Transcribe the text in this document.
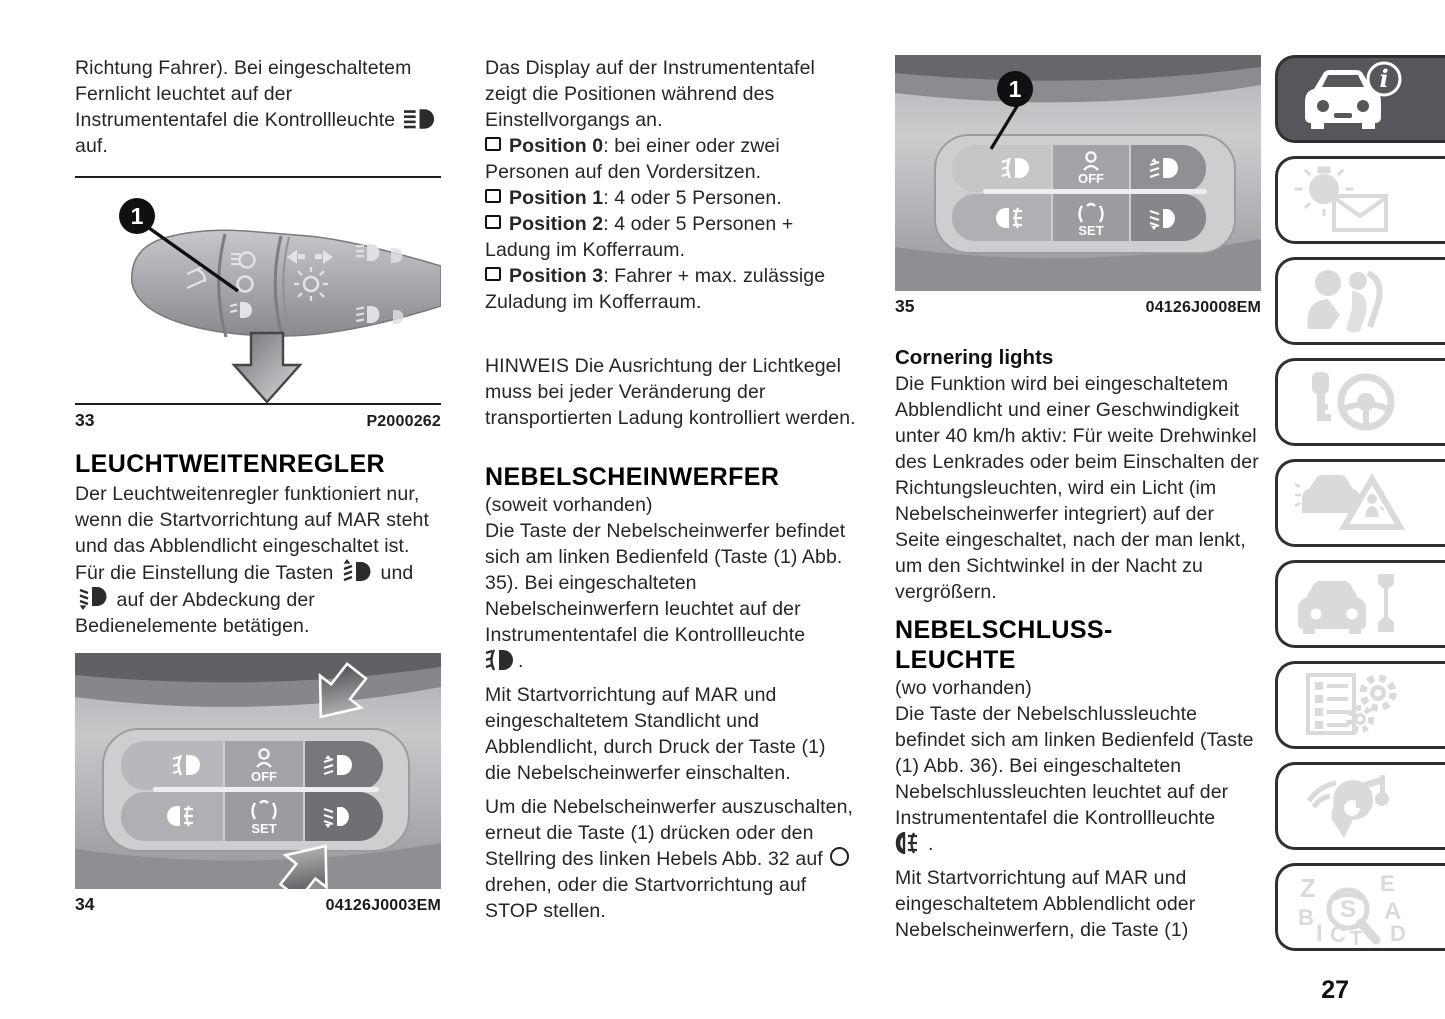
Richtung Fahrer). Bei eingeschaltetem Fernlicht leuchtet auf der Instrumententafel die Kontrollleuchte  auf.

1
33	P2000262
LEUCHTWEITENREGLER

Der Leuchtweitenregler funktioniert nur, wenn die Startvorrichtung auf MAR steht und das Abblendlicht eingeschaltet ist. Für die Einstellung die Tasten und  auf der Abdeckung der Bedienelemente betätigen.

OFF
SET
34	04126J0003EM

Das Display auf der Instrumententafel zeigt die Positionen während des Einstellvorgangs an.

Position 0: bei einer oder zwei Personen auf den Vordersitzen.

Position 1: 4 oder 5 Personen.

Position 2: 4 oder 5 Personen + Ladung im Kofferraum.

Position 3: Fahrer + max. zulässige Zuladung im Kofferraum.

HINWEIS Die Ausrichtung der Lichtkegel muss bei jeder Veränderung der transportierten Ladung kontrolliert werden.

NEBELSCHEINWERFER

(soweit vorhanden)

Die Taste der Nebelscheinwerfer befindet sich am linken Bedienfeld (Taste (1) Abb. 35). Bei eingeschalteten Nebelscheinwerfern leuchtet auf der Instrumententafel die Kontrollleuchte
.

Mit Startvorrichtung auf MAR und eingeschaltetem Standlicht und Abblendlicht, durch Druck der Taste (1) die Nebelscheinwerfer einschalten.

Um die Nebelscheinwerfer auszuschalten, erneut die Taste (1) drücken oder den Stellring des linken Hebels Abb. 32 auf  drehen, oder die Startvorrichtung auf STOP stellen.

OFF
SET
1
35	04126J0008EM

Cornering lights

Die Funktion wird bei eingeschaltetem Abblendlicht und einer Geschwindigkeit unter 40 km/h aktiv: Für weite Drehwinkel des Lenkrades oder beim Einschalten der Richtungsleuchten, wird ein Licht (im Nebelscheinwerfer integriert) auf der Seite eingeschaltet, nach der man lenkt, um den Sichtwinkel in der Nacht zu vergrößern.

NEBELSCHLUSS-
LEUCHTE

(wo vorhanden)

Die Taste der Nebelschlussleuchte befindet sich am linken Bedienfeld (Taste (1) Abb. 36). Bei eingeschalteten Nebelschlussleuchten leuchtet auf der Instrumententafel die Kontrollleuchte
.

Mit Startvorrichtung auf MAR und eingeschaltetem Abblendlicht oder Nebelscheinwerfern, die Taste (1)

i
Z	E
B	A
I C D
T
S
27
